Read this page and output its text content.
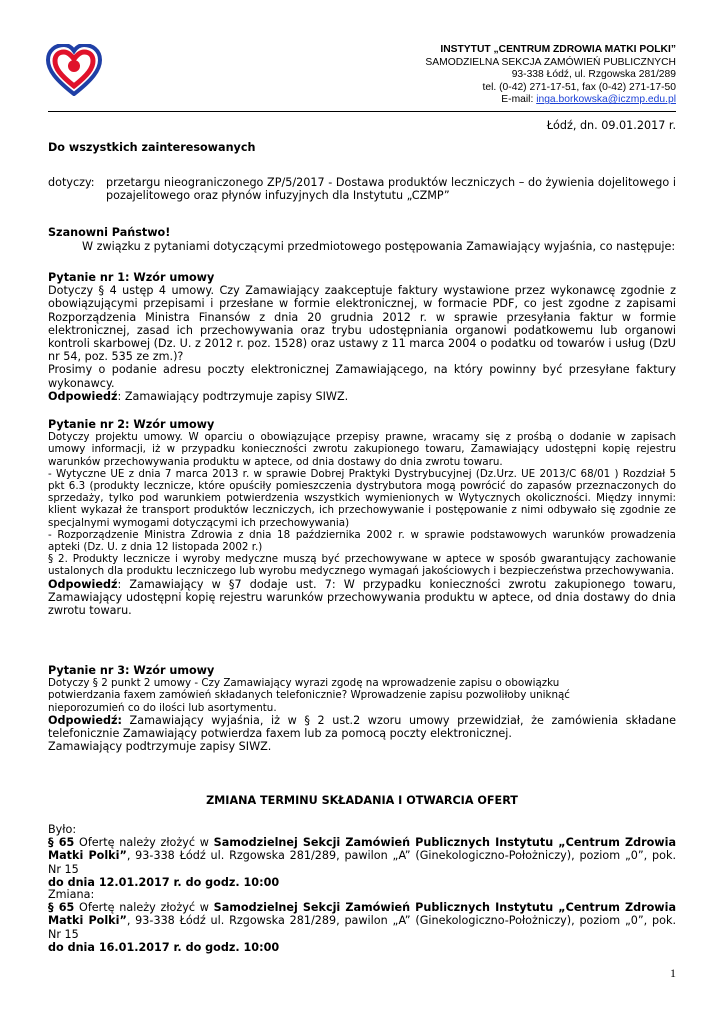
INSTYTUT „CENTRUM ZDROWIA MATKI POLKI”
SAMODZIELNA SEKCJA ZAMÓWIEŃ PUBLICZNYCH
93-338 Łódź, ul. Rzgowska 281/289
tel. (0-42) 271-17-51, fax (0-42) 271-17-50
E-mail: inga.borkowska@iczmp.edu.pl
Łódź, dn. 09.01.2017 r.
Do wszystkich zainteresowanych
dotyczy:	przetargu nieograniczonego ZP/5/2017 - Dostawa produktów leczniczych – do żywienia dojelitowego i pozajelitowego oraz płynów infuzyjnych dla Instytutu „CZMP”
Szanowni Państwo!
W związku z pytaniami dotyczącymi przedmiotowego postępowania Zamawiający wyjaśnia, co następuje:
Pytanie nr 1: Wzór umowy
Dotyczy § 4 ustęp 4 umowy. Czy Zamawiający zaakceptuje faktury wystawione przez wykonawcę zgodnie z obowiązującymi przepisami i przesłane w formie elektronicznej, w formacie PDF, co jest zgodne z zapisami Rozporządzenia Ministra Finansów z dnia 20 grudnia 2012 r. w sprawie przesyłania faktur w formie elektronicznej, zasad ich przechowywania oraz trybu udostępniania organowi podatkowemu lub organowi kontroli skarbowej (Dz. U. z 2012 r. poz. 1528) oraz ustawy z 11 marca 2004 o podatku od towarów i usług (DzU nr 54, poz. 535 ze zm.)?
Prosimy o podanie adresu poczty elektronicznej Zamawiającego, na który powinny być przesyłane faktury wykonawcy.
Odpowiedź: Zamawiający podtrzymuje zapisy SIWZ.
Pytanie nr 2: Wzór umowy
Dotyczy projektu umowy. W oparciu o obowiązujące przepisy prawne, wracamy się z prośbą o dodanie w zapisach umowy informacji, iż w przypadku konieczności zwrotu zakupionego towaru, Zamawiający udostępni kopię rejestru warunków przechowywania produktu w aptece, od dnia dostawy do dnia zwrotu towaru.
- Wytyczne UE z dnia 7 marca 2013 r. w sprawie Dobrej Praktyki Dystrybucyjnej (Dz.Urz. UE 2013/C 68/01 ) Rozdział 5 pkt 6.3 (produkty lecznicze, które opuściły pomieszczenia dystrybutora mogą powrócić do zapasów przeznaczonych do sprzedaży, tylko pod warunkiem potwierdzenia wszystkich wymienionych w Wytycznych okoliczności. Między innymi: klient wykazał że transport produktów leczniczych, ich przechowywanie i postępowanie z nimi odbywało się zgodnie ze specjalnymi wymogami dotyczącymi ich przechowywania)
- Rozporządzenie Ministra Zdrowia z dnia 18 października 2002 r. w sprawie podstawowych warunków prowadzenia apteki (Dz. U. z dnia 12 listopada 2002 r.)
§ 2. Produkty lecznicze i wyroby medyczne muszą być przechowywane w aptece w sposób gwarantujący zachowanie ustalonych dla produktu leczniczego lub wyrobu medycznego wymagań jakościowych i bezpieczeństwa przechowywania.
Odpowiedź: Zamawiający w §7 dodaje ust. 7: W przypadku konieczności zwrotu zakupionego towaru, Zamawiający udostępni kopię rejestru warunków przechowywania produktu w aptece, od dnia dostawy do dnia zwrotu towaru.
Pytanie nr 3: Wzór umowy
Dotyczy § 2 punkt 2 umowy - Czy Zamawiający wyrazi zgodę na wprowadzenie zapisu o obowiązku potwierdzania faxem zamówień składanych telefonicznie? Wprowadzenie zapisu pozwoliłoby uniknąć nieporozumień co do ilości lub asortymentu.
Odpowiedź: Zamawiający wyjaśnia, iż w § 2 ust.2 wzoru umowy przewidział, że zamówienia składane telefonicznie Zamawiający potwierdza faxem lub za pomocą poczty elektronicznej.
Zamawiający podtrzymuje zapisy SIWZ.
ZMIANA TERMINU SKŁADANIA I OTWARCIA OFERT
Było:
§ 65 Ofertę należy złożyć w Samodzielnej Sekcji Zamówień Publicznych Instytutu „Centrum Zdrowia Matki Polki”, 93-338 Łódź ul. Rzgowska 281/289, pawilon „A” (Ginekologiczno-Położniczy), poziom „0”, pok. Nr 15
do dnia 12.01.2017 r. do godz. 10:00
Zmiana:
§ 65 Ofertę należy złożyć w Samodzielnej Sekcji Zamówień Publicznych Instytutu „Centrum Zdrowia Matki Polki”, 93-338 Łódź ul. Rzgowska 281/289, pawilon „A” (Ginekologiczno-Położniczy), poziom „0”, pok. Nr 15
do dnia 16.01.2017 r. do godz. 10:00
1
